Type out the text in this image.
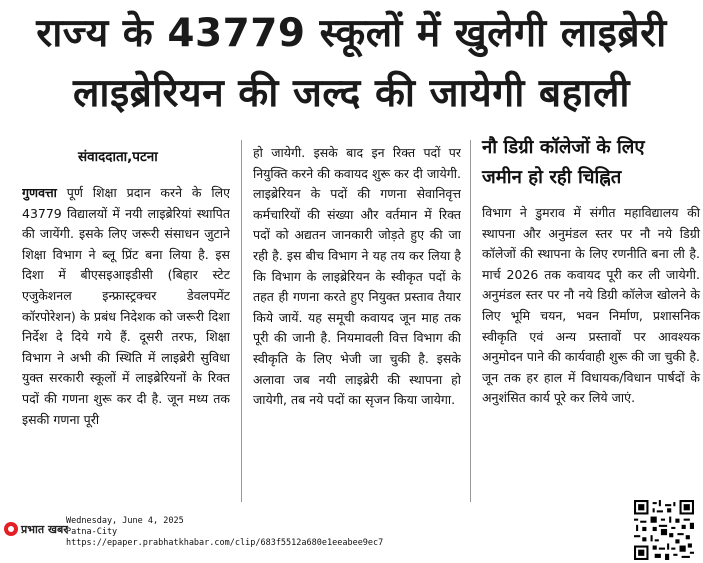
राज्य के 43779 स्कूलों में खुलेगी लाइब्रेरी
लाइब्रेरियन की जल्द की जायेगी बहाली
संवाददाता,पटना
गुणवत्ता पूर्ण शिक्षा प्रदान करने के लिए 43779 विद्यालयों में नयी लाइब्रेरियां स्थापित की जायेंगी. इसके लिए जरूरी संसाधन जुटाने शिक्षा विभाग ने ब्लू प्रिंट बना लिया है. इस दिशा में बीएसइआइडीसी (बिहार स्टेट एजुकेशनल इन्फ्रास्ट्रक्चर डेवलपमेंट कॉरपोरेशन) के प्रबंध निदेशक को जरूरी दिशा निर्देश दे दिये गये हैं. दूसरी तरफ, शिक्षा विभाग ने अभी की स्थिति में लाइब्रेरी सुविधा युक्त सरकारी स्कूलों में लाइब्रेरियनों के रिक्त पदों की गणना शुरू कर दी है. जून मध्य तक इसकी गणना पूरी
हो जायेगी. इसके बाद इन रिक्त पदों पर नियुक्ति करने की कवायद शुरू कर दी जायेगी. लाइब्रेरियन के पदों की गणना सेवानिवृत्त कर्मचारियों की संख्या और वर्तमान में रिक्त पदों को अद्यतन जानकारी जोड़ते हुए की जा रही है. इस बीच विभाग ने यह तय कर लिया है कि विभाग के लाइब्रेरियन के स्वीकृत पदों के तहत ही गणना करते हुए नियुक्त प्रस्ताव तैयार किये जायें. यह समूची कवायद जून माह तक पूरी की जानी है. नियमावली वित्त विभाग की स्वीकृति के लिए भेजी जा चुकी है. इसके अलावा जब नयी लाइब्रेरी की स्थापना हो जायेगी, तब नये पदों का सृजन किया जायेगा.
नौ डिग्री कॉलेजों के लिए
जमीन हो रही चिह्नित
विभाग ने डुमराव में संगीत महाविद्यालय की स्थापना और अनुमंडल स्तर पर नौ नये डिग्री कॉलेजों की स्थापना के लिए रणनीति बना ली है. मार्च 2026 तक कवायद पूरी कर ली जायेगी. अनुमंडल स्तर पर नौ नये डिग्री कॉलेज खोलने के लिए भूमि चयन, भवन निर्माण, प्रशासनिक स्वीकृति एवं अन्य प्रस्तावों पर आवश्यक अनुमोदन पाने की कार्यवाही शुरू की जा चुकी है. जून तक हर हाल में विधायक/विधान पार्षदों के अनुशंसित कार्य पूरे कर लिये जाएं.
प्रभात खबर
Wednesday, June 4, 2025
Patna-City
https://epaper.prabhatkhabar.com/clip/683f5512a680e1eeabee9ec7
